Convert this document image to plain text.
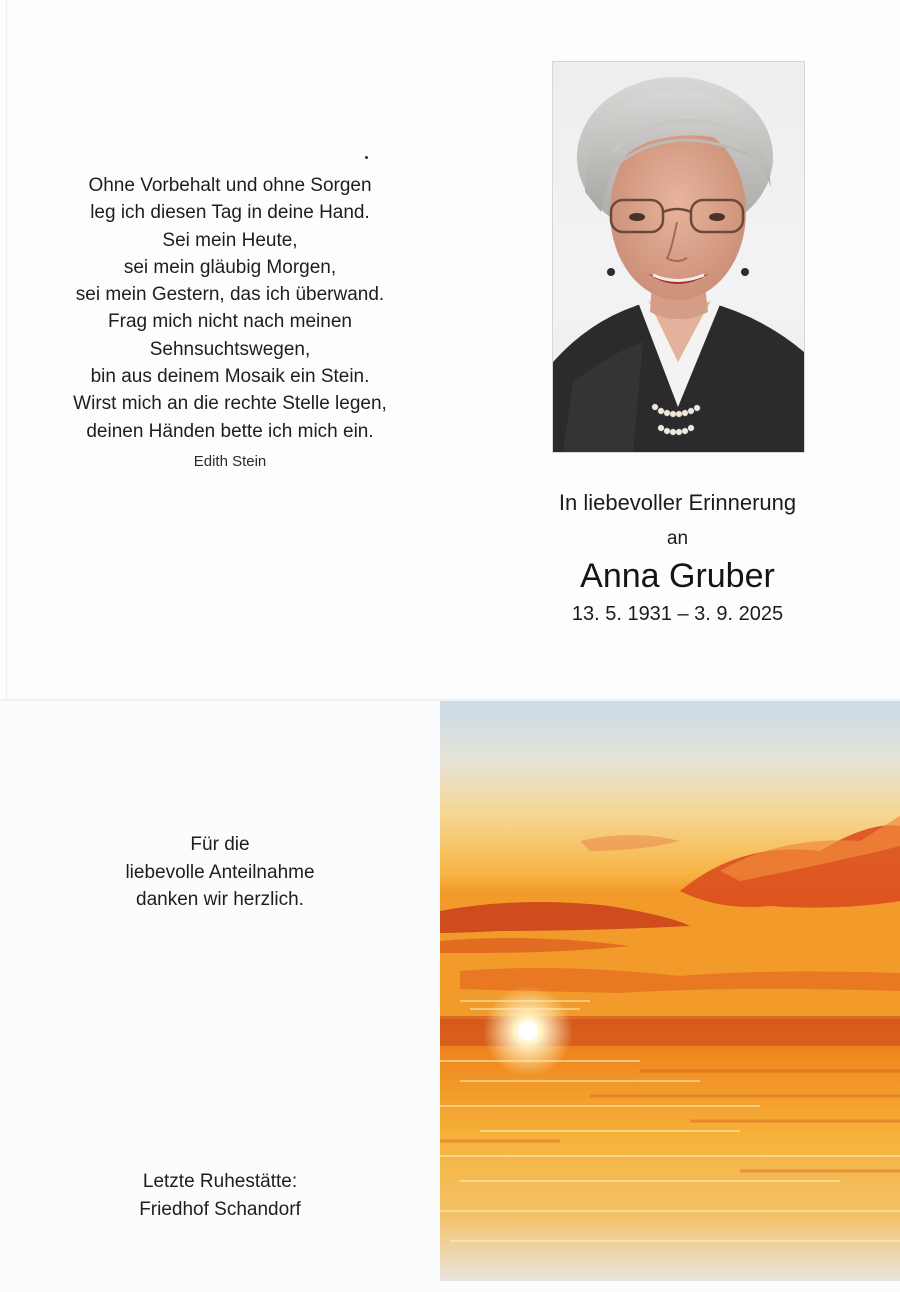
Ohne Vorbehalt und ohne Sorgen
leg ich diesen Tag in deine Hand.
Sei mein Heute,
sei mein gläubig Morgen,
sei mein Gestern, das ich überwand.
Frag mich nicht nach meinen
Sehnsuchtswegen,
bin aus deinem Mosaik ein Stein.
Wirst mich an die rechte Stelle legen,
deinen Händen bette ich mich ein.
Edith Stein
In liebevoller Erinnerung
an
Anna Gruber
13. 5. 1931 – 3. 9. 2025
Für die
liebevolle Anteilnahme
danken wir herzlich.
Letzte Ruhestätte:
Friedhof Schandorf
